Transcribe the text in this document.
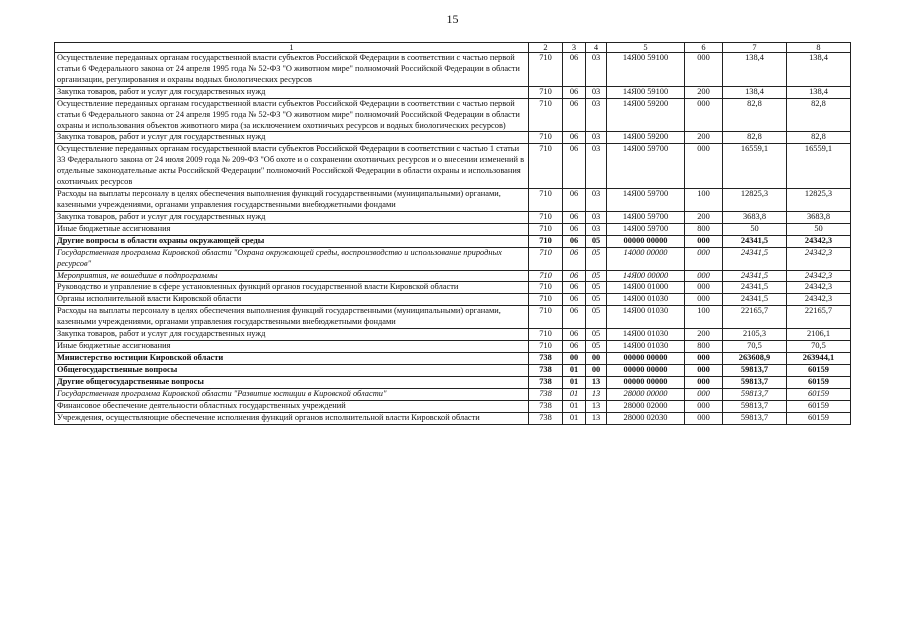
15
1	2	3	4	5	6	7	8
Осуществление переданных органам государственной власти субъектов Российской Федерации в соответствии с частью первой статьи 6 Федерального закона от 24 апреля 1995 года № 52-ФЗ "О животном мире" полномочий Российской Федерации в области организации, регулирования и охраны водных биологических ресурсов	710	06	03	14Я00 59100	000	138,4	138,4
Закупка товаров, работ и услуг для государственных нужд	710	06	03	14Я00 59100	200	138,4	138,4
Осуществление переданных органам государственной власти субъектов Российской Федерации в соответствии с частью первой статьи 6 Федерального закона от 24 апреля 1995 года № 52-ФЗ "О животном мире" полномочий Российской Федерации в области охраны и использования объектов животного мира (за исключением охотничьих ресурсов и водных биологических ресурсов)	710	06	03	14Я00 59200	000	82,8	82,8
Закупка товаров, работ и услуг для государственных нужд	710	06	03	14Я00 59200	200	82,8	82,8
Осуществление переданных органам государственной власти субъектов Российской Федерации в соответствии с частью 1 статьи 33 Федерального закона от 24 июля 2009 года № 209-ФЗ "Об охоте и о сохранении охотничьих ресурсов и о внесении изменений в отдельные законодательные акты Российской Федерации" полномочий Российской Федерации в области охраны и использования охотничьих ресурсов	710	06	03	14Я00 59700	000	16559,1	16559,1
Расходы на выплаты персоналу в целях обеспечения выполнения функций государственными (муниципальными) органами, казенными учреждениями, органами управления государственными внебюджетными фондами	710	06	03	14Я00 59700	100	12825,3	12825,3
Закупка товаров, работ и услуг для государственных нужд	710	06	03	14Я00 59700	200	3683,8	3683,8
Иные бюджетные ассигнования	710	06	03	14Я00 59700	800	50	50
Другие вопросы в области охраны окружающей среды	710	06	05	00000 00000	000	24341,5	24342,3
Государственная программа Кировской области "Охрана окружающей среды, воспроизводство и использование природных ресурсов"	710	06	05	14000 00000	000	24341,5	24342,3
Мероприятия, не вошедшие в подпрограммы	710	06	05	14Я00 00000	000	24341,5	24342,3
Руководство и управление в сфере установленных функций органов государственной власти Кировской области	710	06	05	14Я00 01000	000	24341,5	24342,3
Органы исполнительной власти Кировской области	710	06	05	14Я00 01030	000	24341,5	24342,3
Расходы на выплаты персоналу в целях обеспечения выполнения функций государственными (муниципальными) органами, казенными учреждениями, органами управления государственными внебюджетными фондами	710	06	05	14Я00 01030	100	22165,7	22165,7
Закупка товаров, работ и услуг для государственных нужд	710	06	05	14Я00 01030	200	2105,3	2106,1
Иные бюджетные ассигнования	710	06	05	14Я00 01030	800	70,5	70,5
Министерство юстиции Кировской области	738	00	00	00000 00000	000	263608,9	263944,1
Общегосударственные вопросы	738	01	00	00000 00000	000	59813,7	60159
Другие общегосударственные вопросы	738	01	13	00000 00000	000	59813,7	60159
Государственная программа Кировской области "Развитие юстиции в Кировской области"	738	01	13	28000 00000	000	59813,7	60159
Финансовое обеспечение деятельности областных государственных учреждений	738	01	13	28000 02000	000	59813,7	60159
Учреждения, осуществляющие обеспечение исполнения функций органов исполнительной власти Кировской области	738	01	13	28000 02030	000	59813,7	60159
